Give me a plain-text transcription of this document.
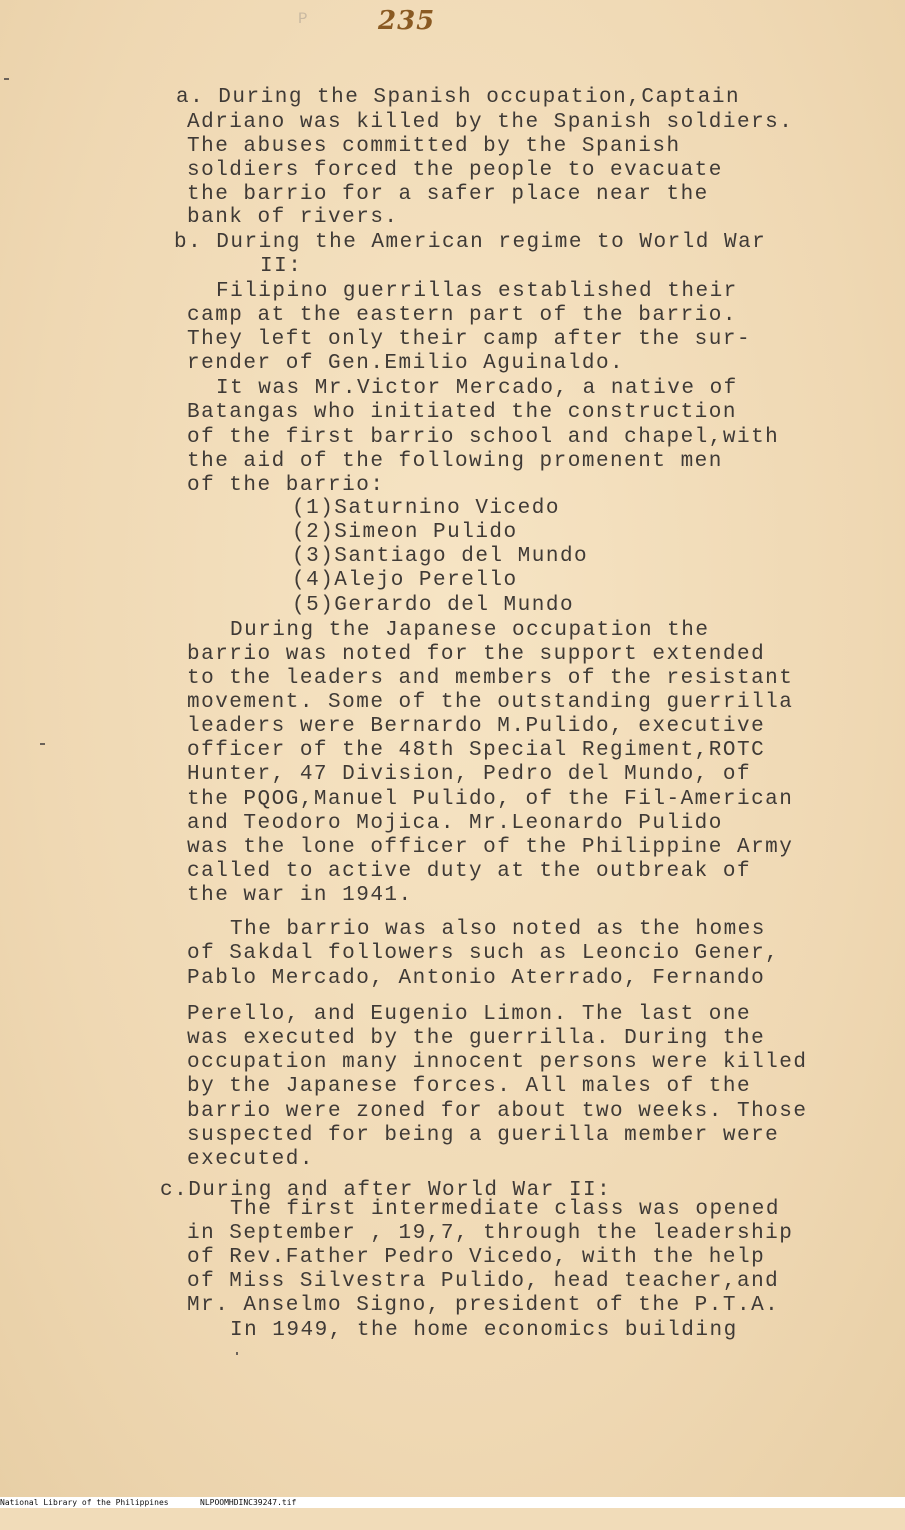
P	235
a. During the Spanish occupation,Captain
Adriano was killed by the Spanish soldiers.
The abuses committed by the Spanish
soldiers forced the people to evacuate
the barrio for a safer place near the
bank of rivers.
b. During the American regime to World War
II:
Filipino guerrillas established their
camp at the eastern part of the barrio.
They left only their camp after the sur-
render of Gen.Emilio Aguinaldo.
It was Mr.Victor Mercado, a native of
Batangas who initiated the construction
of the first barrio school and chapel,with
the aid of the following promenent men
of the barrio:
(1)Saturnino Vicedo
(2)Simeon Pulido
(3)Santiago del Mundo
(4)Alejo Perello
(5)Gerardo del Mundo
During the Japanese occupation the
barrio was noted for the support extended
to the leaders and members of the resistant
movement. Some of the outstanding guerrilla
leaders were Bernardo M.Pulido, executive
officer of the 48th Special Regiment,ROTC
Hunter, 47 Division, Pedro del Mundo, of
the PQOG,Manuel Pulido, of the Fil-American
and Teodoro Mojica. Mr.Leonardo Pulido
was the lone officer of the Philippine Army
called to active duty at the outbreak of
the war in 1941.
The barrio was also noted as the homes
of Sakdal followers such as Leoncio Gener,
Pablo Mercado, Antonio Aterrado, Fernando
Perello, and Eugenio Limon. The last one
was executed by the guerrilla. During the
occupation many innocent persons were killed
by the Japanese forces. All males of the
barrio were zoned for about two weeks. Those
suspected for being a guerilla member were
executed.
c.During and after World War II:
The first intermediate class was opened
in September , 19,7, through the leadership
of Rev.Father Pedro Vicedo, with the help
of Miss Silvestra Pulido, head teacher,and
Mr. Anselmo Signo, president of the P.T.A.
In 1949, the home economics building

National Library of the Philippines

	NLPOOMHDINC39247.tif
